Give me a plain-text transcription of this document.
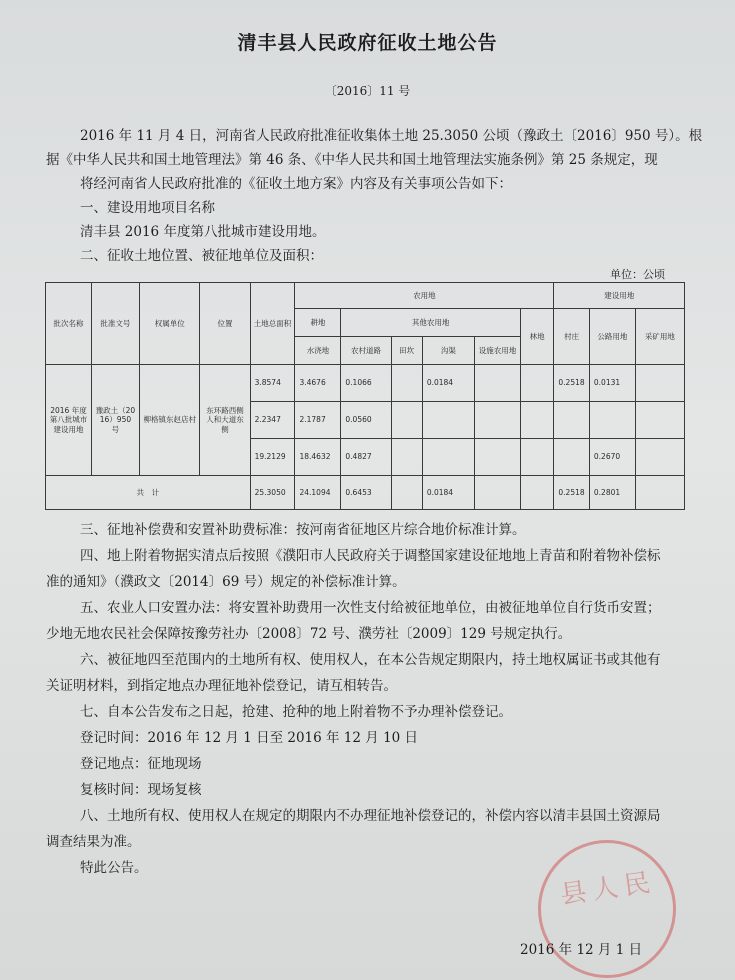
清丰县人民政府征收土地公告
〔2016〕11 号
2016 年 11 月 4 日，河南省人民政府批准征收集体土地 25.3050 公顷（豫政土〔2016〕950 号）。根
据《中华人民共和国土地管理法》第 46 条、《中华人民共和国土地管理法实施条例》第 25 条规定，现
将经河南省人民政府批准的《征收土地方案》内容及有关事项公告如下：
一、建设用地项目名称
清丰县 2016 年度第八批城市建设用地。
二、征收土地位置、被征地单位及面积：
单位：公顷
批次名称	批准文号	权属单位	位置	土地总面积	农用地						建设用地		
					耕地	其他农用地				林地	村庄	公路用地	采矿用地
					水浇地	农村道路	田坎	沟渠	设施农用地				
2016 年度第八批城市建设用地	豫政土（2016）950 号	柳格镇东赵店村	东环路西侧人和大道东侧	3.8574	3.4676	0.1066		0.0184			0.2518	0.0131	
				2.2347	2.1787	0.0560							
				19.2129	18.4632	0.4827						0.2670	
共　计				25.3050	24.1094	0.6453		0.0184			0.2518	0.2801	
三、征地补偿费和安置补助费标准：按河南省征地区片综合地价标准计算。
四、地上附着物据实清点后按照《濮阳市人民政府关于调整国家建设征地地上青苗和附着物补偿标
准的通知》（濮政文〔2014〕69 号）规定的补偿标准计算。
五、农业人口安置办法：将安置补助费用一次性支付给被征地单位，由被征地单位自行货币安置；
少地无地农民社会保障按豫劳社办〔2008〕72 号、濮劳社〔2009〕129 号规定执行。
六、被征地四至范围内的土地所有权、使用权人，在本公告规定期限内，持土地权属证书或其他有
关证明材料，到指定地点办理征地补偿登记，请互相转告。
七、自本公告发布之日起，抢建、抢种的地上附着物不予办理补偿登记。
登记时间：2016 年 12 月 1 日至 2016 年 12 月 10 日
登记地点：征地现场
复核时间：现场复核
八、土地所有权、使用权人在规定的期限内不办理征地补偿登记的，补偿内容以清丰县国土资源局
调查结果为准。
特此公告。	县人民
2016 年 12 月 1 日
